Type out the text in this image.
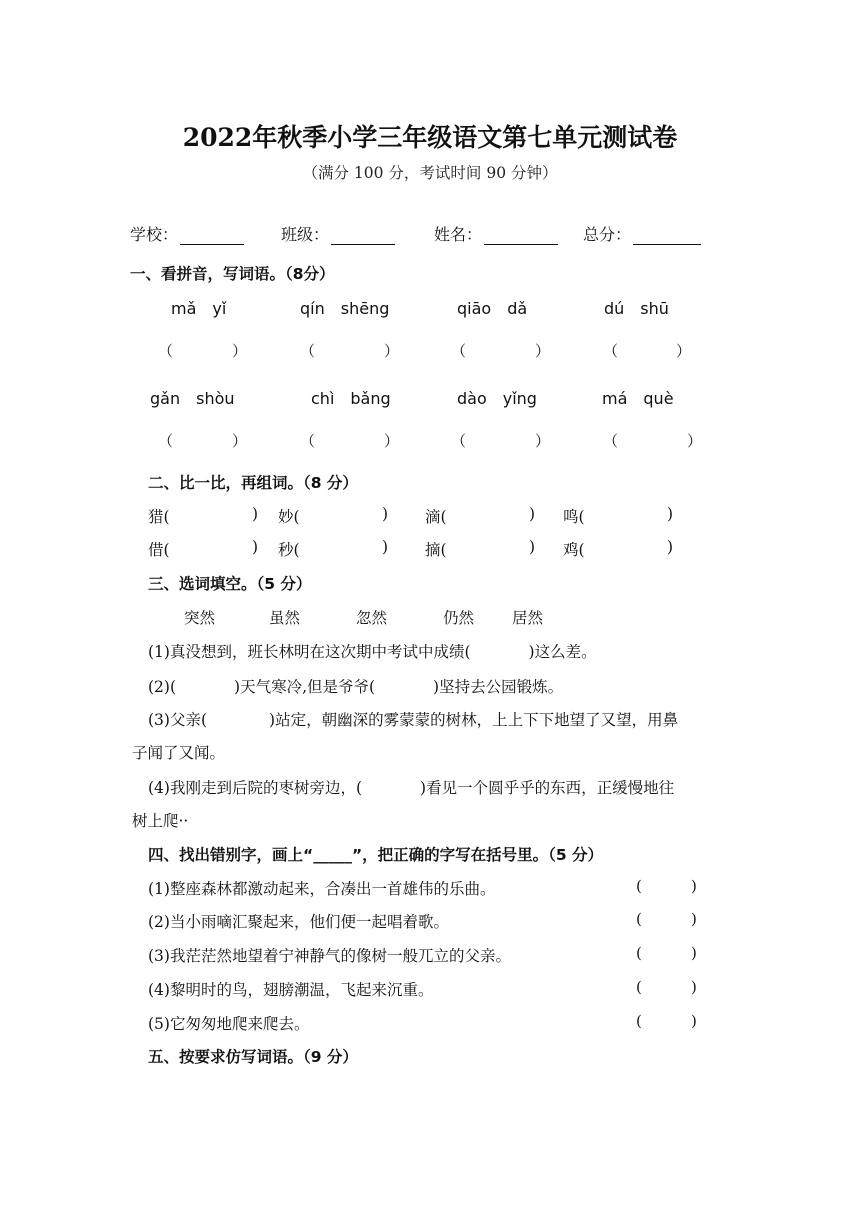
2022年秋季小学三年级语文第七单元测试卷
（满分 100 分，考试时间 90 分钟）
学校：	班级：	姓名：	总分：
一、看拼音，写词语。（8分）
mǎ　yǐ	qín　shēng	qiāo　dǎ	dú　shū
（	）	（	）	（	）	（	）
gǎn　shòu	chì　bǎng	dào　yǐng	má　què
（	）	（	）	（	）	（	）
二、比一比，再组词。（8 分）
猎(	) 妙(	) 滴(	) 鸣(	)
借(	) 秒(	) 摘(	) 鸡(	)
三、选词填空。（5 分）
突然	虽然	忽然	仍然 居然
(1)真没想到，班长林明在这次期中考试中成绩(	)这么差。
(2)(	)天气寒冷,但是爷爷(	)坚持去公园锻炼。
(3)父亲(	)站定，朝幽深的雾蒙蒙的树林，上上下下地望了又望，用鼻
子闻了又闻。
(4)我刚走到后院的枣树旁边，(	)看见一个圆乎乎的东西，正缓慢地往
树上爬··
四、找出错别字，画上“_____”，把正确的字写在括号里。（5 分）
(1)整座森林都激动起来，合凑出一首雄伟的乐曲。	(	)
(2)当小雨嘀汇聚起来，他们便一起唱着歌。	(	)
(3)我茫茫然地望着宁神静气的像树一般兀立的父亲。	(	)
(4)黎明时的鸟，翅膀潮温，飞起来沉重。	(	)
(5)它匆匆地爬来爬去。	(	)
五、按要求仿写词语。（9 分）
